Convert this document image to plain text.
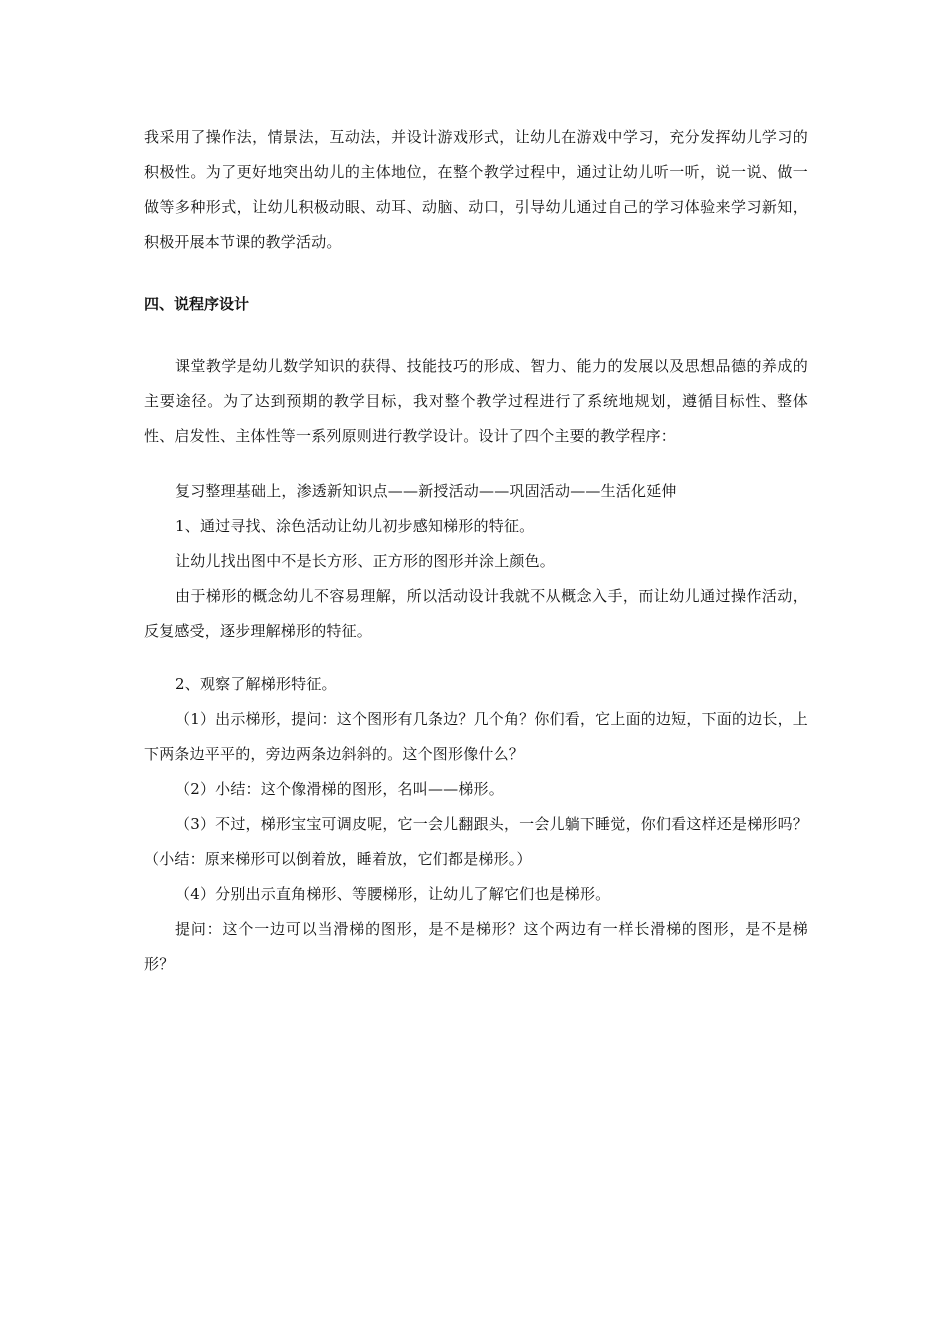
我采用了操作法，情景法，互动法，并设计游戏形式，让幼儿在游戏中学习，充分发挥幼儿学习的积极性。为了更好地突出幼儿的主体地位，在整个教学过程中，通过让幼儿听一听，说一说、做一做等多种形式，让幼儿积极动眼、动耳、动脑、动口，引导幼儿通过自己的学习体验来学习新知，积极开展本节课的教学活动。

四、说程序设计

课堂教学是幼儿数学知识的获得、技能技巧的形成、智力、能力的发展以及思想品德的养成的主要途径。为了达到预期的教学目标，我对整个教学过程进行了系统地规划，遵循目标性、整体性、启发性、主体性等一系列原则进行教学设计。设计了四个主要的教学程序：

复习整理基础上，渗透新知识点——新授活动——巩固活动——生活化延伸

1、通过寻找、涂色活动让幼儿初步感知梯形的特征。

让幼儿找出图中不是长方形、正方形的图形并涂上颜色。

由于梯形的概念幼儿不容易理解，所以活动设计我就不从概念入手，而让幼儿通过操作活动，反复感受，逐步理解梯形的特征。

2、观察了解梯形特征。

（1）出示梯形，提问：这个图形有几条边？几个角？你们看，它上面的边短，下面的边长，上下两条边平平的，旁边两条边斜斜的。这个图形像什么？

（2）小结：这个像滑梯的图形，名叫——梯形。

（3）不过，梯形宝宝可调皮呢，它一会儿翻跟头，一会儿躺下睡觉，你们看这样还是梯形吗？（小结：原来梯形可以倒着放，睡着放，它们都是梯形。）

（4）分别出示直角梯形、等腰梯形，让幼儿了解它们也是梯形。

提问：这个一边可以当滑梯的图形，是不是梯形？这个两边有一样长滑梯的图形，是不是梯形？
